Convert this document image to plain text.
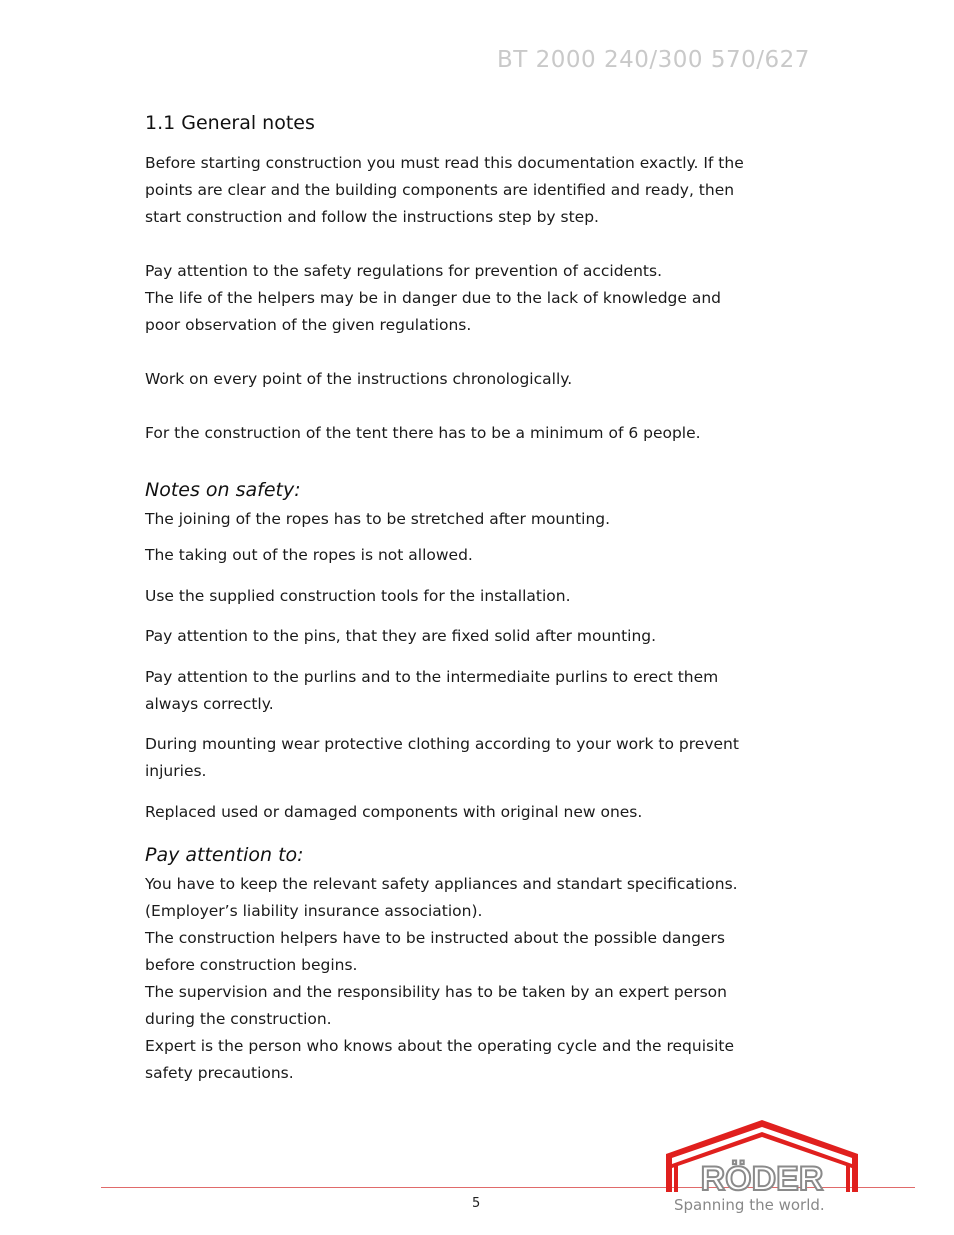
BT 2000 240/300 570/627
1.1 General notes
Before starting construction you must read this documentation exactly. If the
points are clear and the building components are identified and ready, then
start construction and follow the instructions step by step.
Pay attention to the safety regulations for prevention of accidents.
The life of the helpers may be in danger due to the lack of knowledge and
poor observation of the given regulations.
Work on every point of the instructions chronologically.
For the construction of the tent there has to be a minimum of 6 people.
Notes on safety:
The joining of the ropes has to be stretched after mounting.
The taking out of the ropes is not allowed.
Use the supplied construction tools for the installation.
Pay attention to the pins, that they are fixed solid after mounting.
Pay attention to the purlins and to the intermediaite purlins to erect them
always correctly.
During mounting wear protective clothing according to your work to prevent
injuries.
Replaced used or damaged components with original new ones.
Pay attention to:
You have to keep the relevant safety appliances and standart specifications.
(Employer’s liability insurance association).
The construction helpers have to be instructed about the possible dangers
before construction begins.
The supervision and the responsibility has to be taken by an expert person
during the construction.
Expert is the person who knows about the operating cycle and the requisite
safety precautions.
5
RÖDER
Spanning the world.
